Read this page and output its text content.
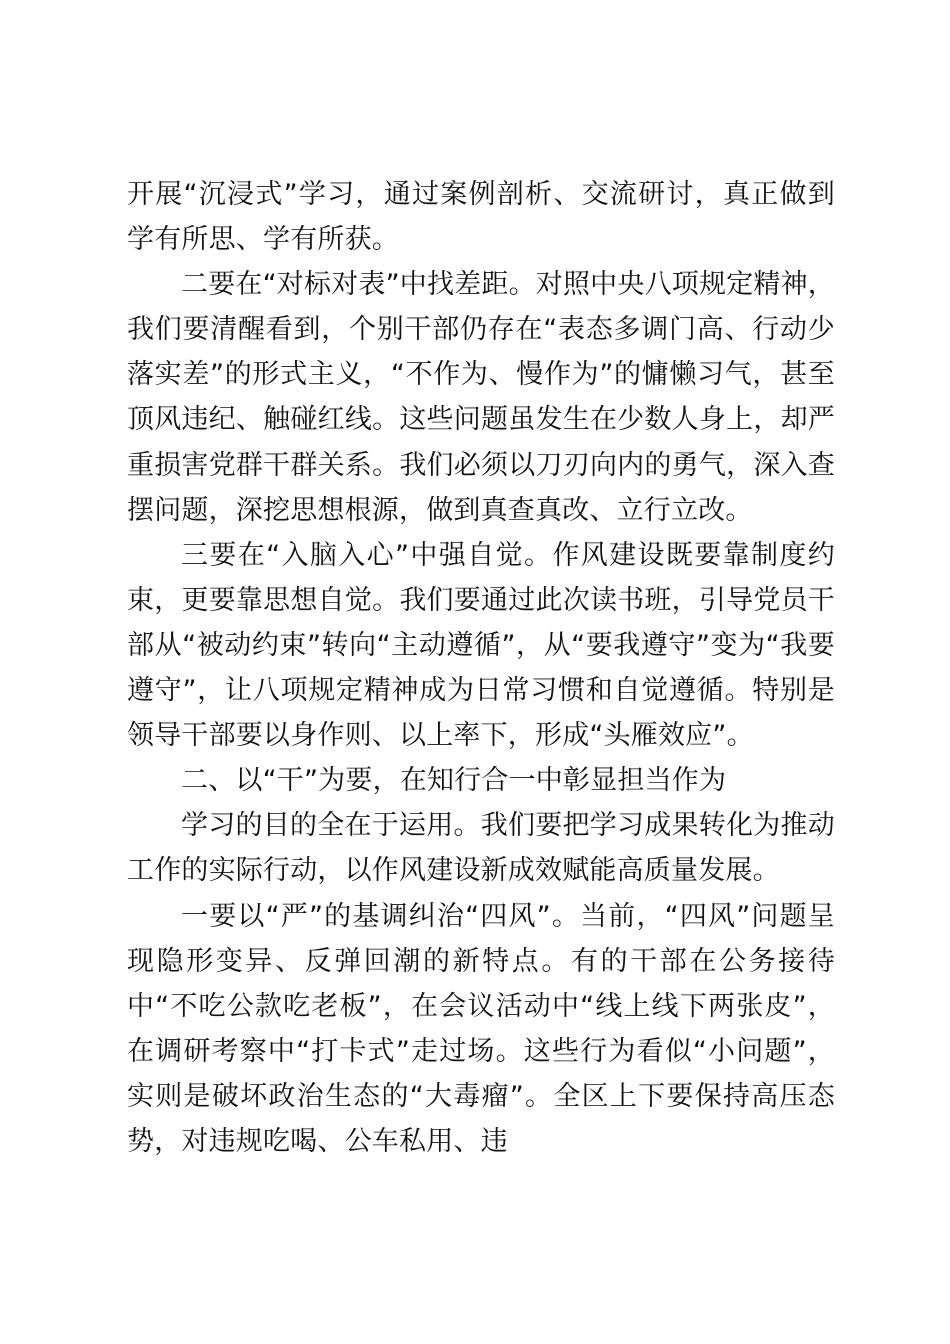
开展“沉浸式”学习，通过案例剖析、交流研讨，真正做到学有所思、学有所获。

二要在“对标对表”中找差距。对照中央八项规定精神，我们要清醒看到，个别干部仍存在“表态多调门高、行动少落实差”的形式主义，“不作为、慢作为”的慵懒习气，甚至顶风违纪、触碰红线。这些问题虽发生在少数人身上，却严重损害党群干群关系。我们必须以刀刃向内的勇气，深入查摆问题，深挖思想根源，做到真查真改、立行立改。

三要在“入脑入心”中强自觉。作风建设既要靠制度约束，更要靠思想自觉。我们要通过此次读书班，引导党员干部从“被动约束”转向“主动遵循”，从“要我遵守”变为“我要遵守”，让八项规定精神成为日常习惯和自觉遵循。特别是领导干部要以身作则、以上率下，形成“头雁效应”。

二、以“干”为要，在知行合一中彰显担当作为

学习的目的全在于运用。我们要把学习成果转化为推动工作的实际行动，以作风建设新成效赋能高质量发展。

一要以“严”的基调纠治“四风”。当前，“四风”问题呈现隐形变异、反弹回潮的新特点。有的干部在公务接待中“不吃公款吃老板”，在会议活动中“线上线下两张皮”，在调研考察中“打卡式”走过场。这些行为看似“小问题”，实则是破坏政治生态的“大毒瘤”。全区上下要保持高压态势，对违规吃喝、公车私用、违
